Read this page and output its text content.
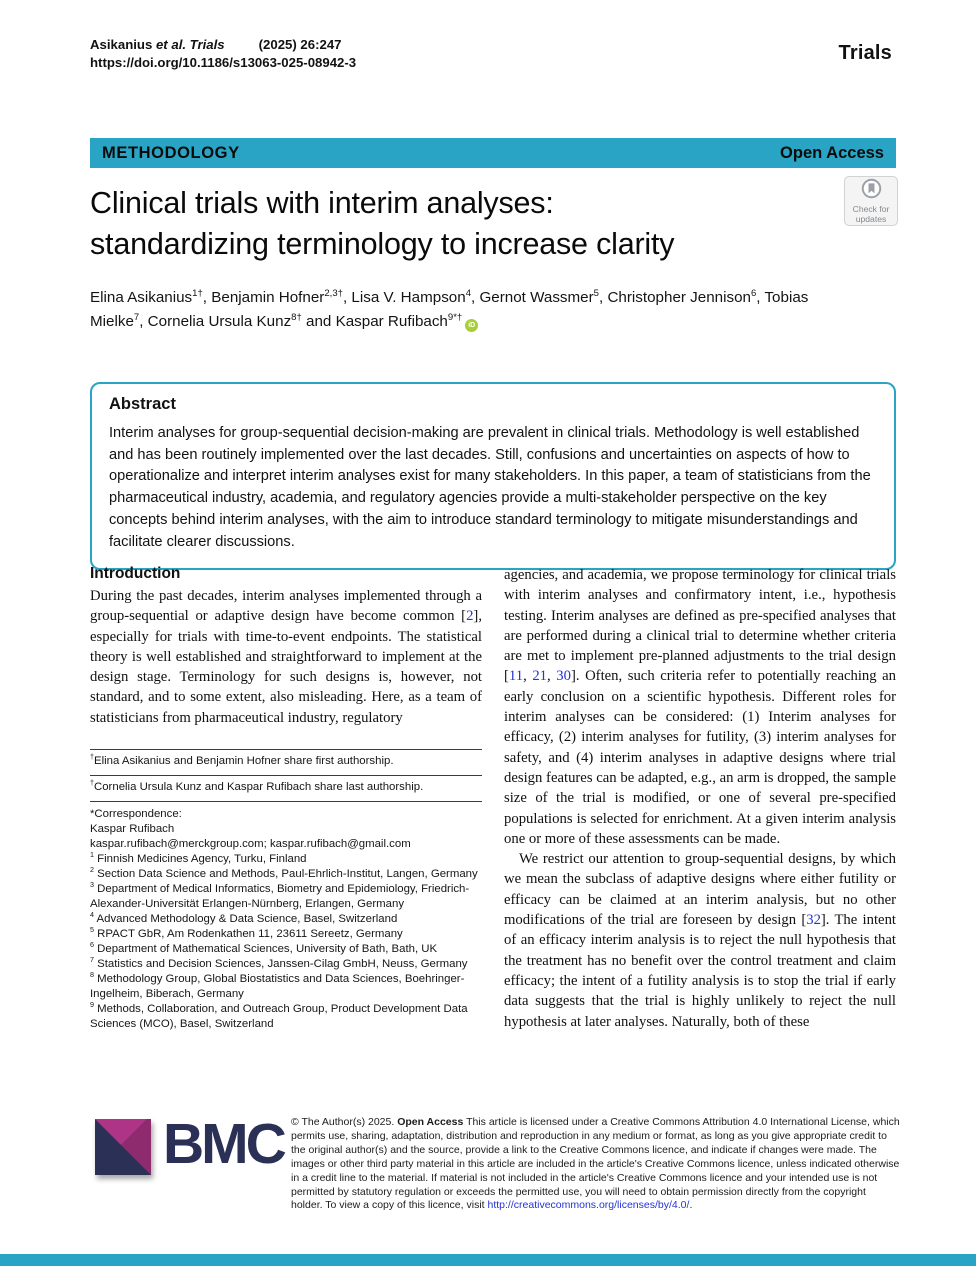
Asikanius et al. Trials	(2025) 26:247
https://doi.org/10.1186/s13063-025-08942-3	Trials
METHODOLOGY	Open Access
Check for
updates
Clinical trials with interim analyses:
standardizing terminology to increase clarity
Elina Asikanius$^{1\dagger}$, Benjamin Hofner$^{2,3\dagger}$, Lisa V. Hampson$^4$, Gernot Wassmer$^5$, Christopher Jennison$^6$, Tobias Mielke$^7$, Cornelia Ursula Kunz$^{8\dagger}$ and Kaspar Rufibach$^{9*\dagger}$iD
Abstract

Interim analyses for group-sequential decision-making are prevalent in clinical trials. Methodology is well established and has been routinely implemented over the last decades. Still, confusions and uncertainties on aspects of how to operationalize and interpret interim analyses exist for many stakeholders. In this paper, a team of statisticians from the pharmaceutical industry, academia, and regulatory agencies provide a multi-stakeholder perspective on the key concepts behind interim analyses, with the aim to introduce standard terminology to mitigate misunderstandings and facilitate clearer discussions.

Introduction

During the past decades, interim analyses implemented through a group-sequential or adaptive design have become common [2], especially for trials with time-to-event endpoints. The statistical theory is well established and straightforward to implement at the design stage. Terminology for such designs is, however, not standard, and to some extent, also misleading. Here, as a team of statisticians from pharmaceutical industry, regulatory

†Elina Asikanius and Benjamin Hofner share first authorship.
†Cornelia Ursula Kunz and Kaspar Rufibach share last authorship.
*Correspondence:
Kaspar Rufibach
kaspar.rufibach@merckgroup.com; kaspar.rufibach@gmail.com
$^1$ Finnish Medicines Agency, Turku, Finland
$^2$ Section Data Science and Methods, Paul-Ehrlich-Institut, Langen, Germany
$^3$ Department of Medical Informatics, Biometry and Epidemiology, Friedrich-Alexander-Universität Erlangen-Nürnberg, Erlangen, Germany
$^4$ Advanced Methodology & Data Science, Basel, Switzerland
$^5$ RPACT GbR, Am Rodenkathen 11, 23611 Sereetz, Germany
$^6$ Department of Mathematical Sciences, University of Bath, Bath, UK
$^7$ Statistics and Decision Sciences, Janssen-Cilag GmbH, Neuss, Germany
$^8$ Methodology Group, Global Biostatistics and Data Sciences, Boehringer-Ingelheim, Biberach, Germany
$^9$ Methods, Collaboration, and Outreach Group, Product Development Data Sciences (MCO), Basel, Switzerland

agencies, and academia, we propose terminology for clinical trials with interim analyses and confirmatory intent, i.e., hypothesis testing. Interim analyses are defined as pre-specified analyses that are performed during a clinical trial to determine whether criteria are met to implement pre-planned adjustments to the trial design [11, 21, 30]. Often, such criteria refer to potentially reaching an early conclusion on a scientific hypothesis. Different roles for interim analyses can be considered: (1) Interim analyses for efficacy, (2) interim analyses for futility, (3) interim analyses for safety, and (4) interim analyses in adaptive designs where trial design features can be adapted, e.g., an arm is dropped, the sample size of the trial is modified, or one of several pre-specified populations is selected for enrichment. At a given interim analysis one or more of these assessments can be made.

We restrict our attention to group-sequential designs, by which we mean the subclass of adaptive designs where either futility or efficacy can be claimed at an interim analysis, but no other modifications of the trial are foreseen by design [32]. The intent of an efficacy interim analysis is to reject the null hypothesis that the treatment has no benefit over the control treatment and claim efficacy; the intent of a futility analysis is to stop the trial if early data suggests that the trial is highly unlikely to reject the null hypothesis at later analyses. Naturally, both of these

BMC © The Author(s) 2025. Open Access This article is licensed under a Creative Commons Attribution 4.0 International License, which permits use, sharing, adaptation, distribution and reproduction in any medium or format, as long as you give appropriate credit to the original author(s) and the source, provide a link to the Creative Commons licence, and indicate if changes were made. The images or other third party material in this article are included in the article's Creative Commons licence, unless indicated otherwise in a credit line to the material. If material is not included in the article's Creative Commons licence and your intended use is not permitted by statutory regulation or exceeds the permitted use, you will need to obtain permission directly from the copyright holder. To view a copy of this licence, visit http://creativecommons.org/licenses/by/4.0/.
